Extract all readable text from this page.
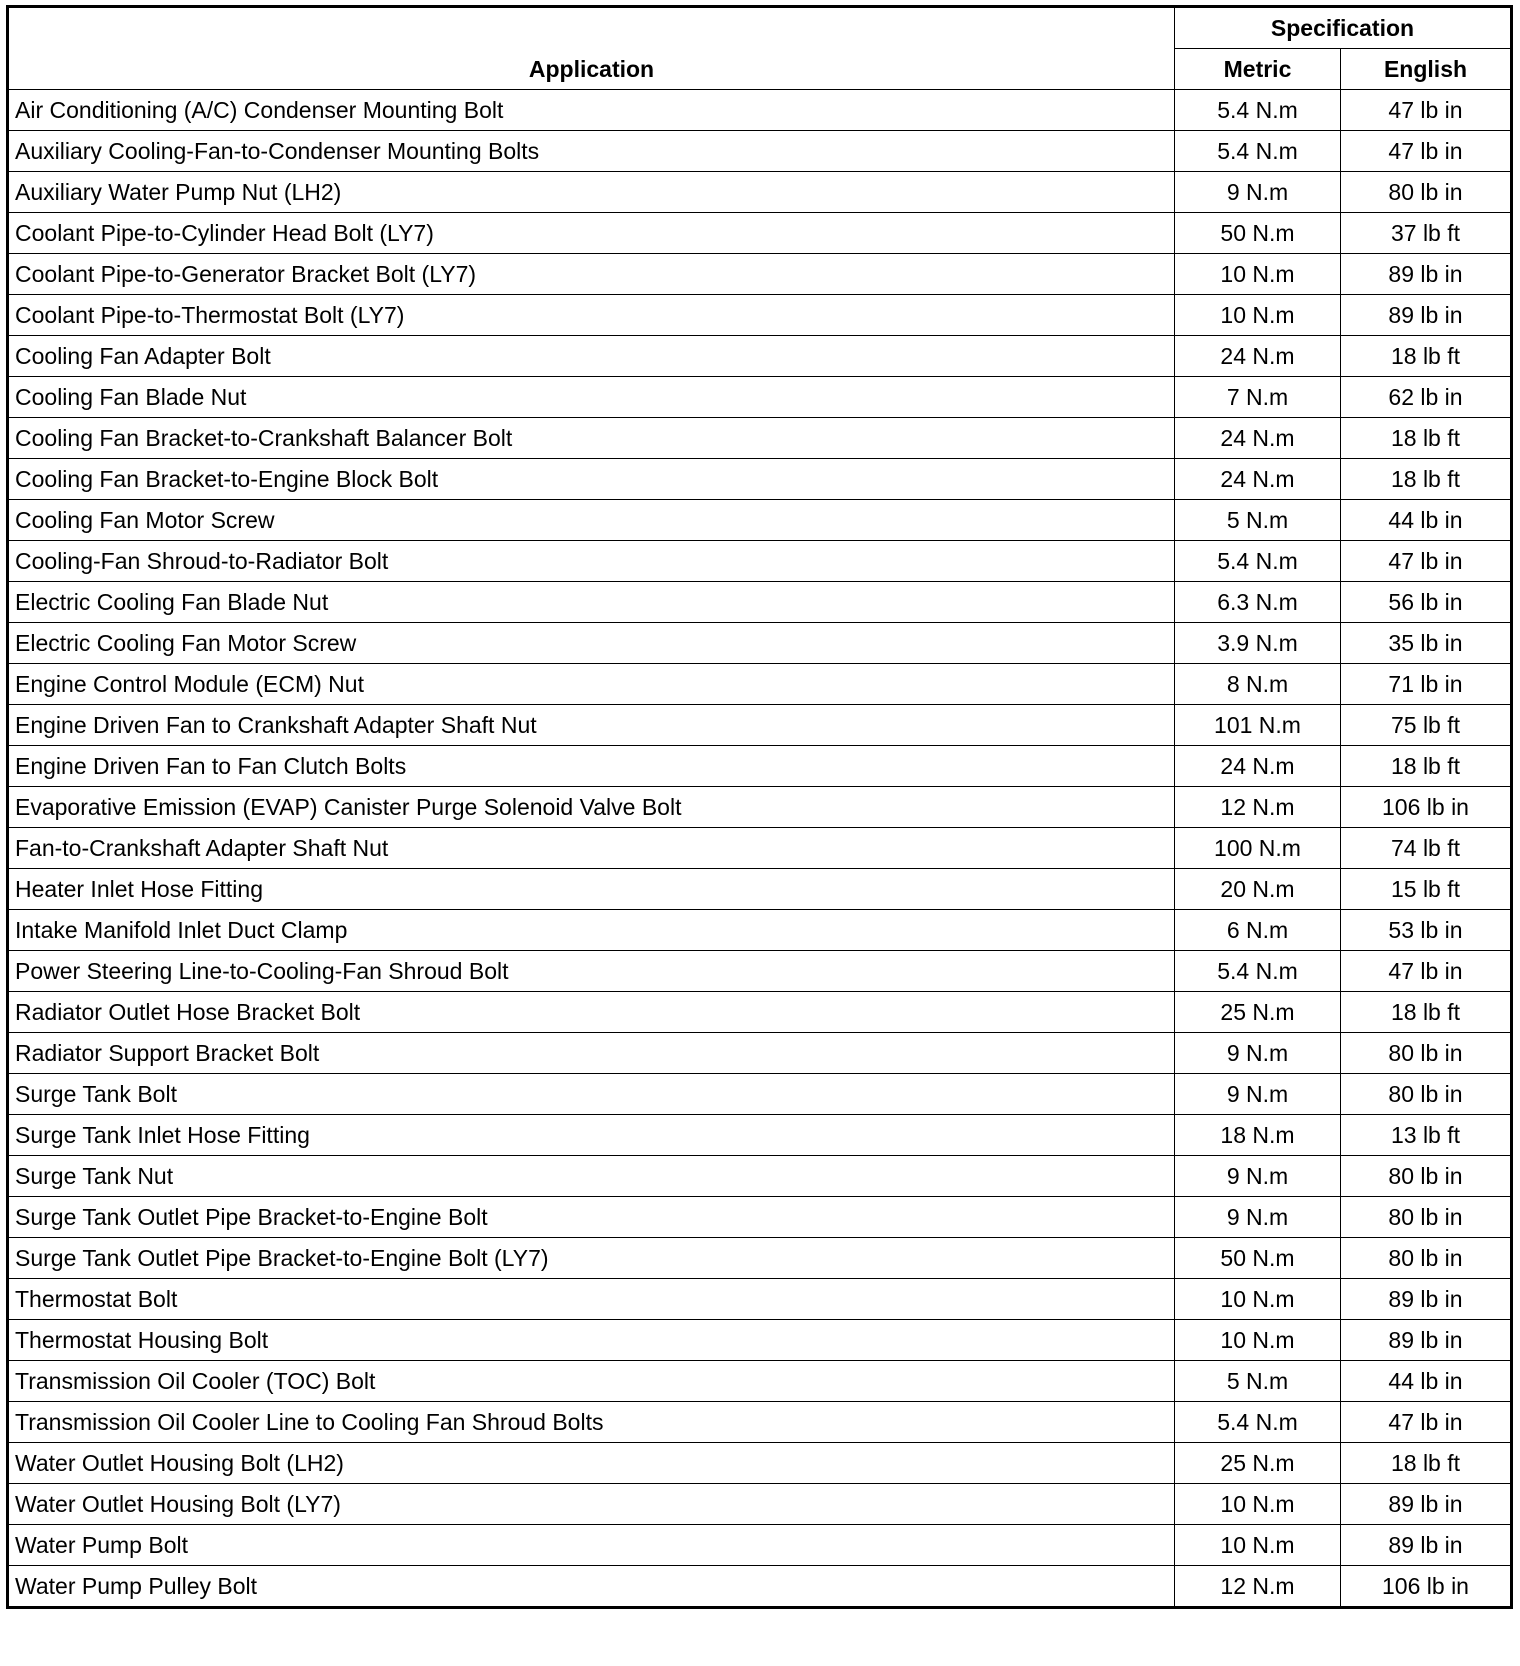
Application	Specification	
	Metric	English
Air Conditioning (A/C) Condenser Mounting Bolt	5.4 N.m	47 lb in
Auxiliary Cooling-Fan-to-Condenser Mounting Bolts	5.4 N.m	47 lb in
Auxiliary Water Pump Nut (LH2)	9 N.m	80 lb in
Coolant Pipe-to-Cylinder Head Bolt (LY7)	50 N.m	37 lb ft
Coolant Pipe-to-Generator Bracket Bolt (LY7)	10 N.m	89 lb in
Coolant Pipe-to-Thermostat Bolt (LY7)	10 N.m	89 lb in
Cooling Fan Adapter Bolt	24 N.m	18 lb ft
Cooling Fan Blade Nut	7 N.m	62 lb in
Cooling Fan Bracket-to-Crankshaft Balancer Bolt	24 N.m	18 lb ft
Cooling Fan Bracket-to-Engine Block Bolt	24 N.m	18 lb ft
Cooling Fan Motor Screw	5 N.m	44 lb in
Cooling-Fan Shroud-to-Radiator Bolt	5.4 N.m	47 lb in
Electric Cooling Fan Blade Nut	6.3 N.m	56 lb in
Electric Cooling Fan Motor Screw	3.9 N.m	35 lb in
Engine Control Module (ECM) Nut	8 N.m	71 lb in
Engine Driven Fan to Crankshaft Adapter Shaft Nut	101 N.m	75 lb ft
Engine Driven Fan to Fan Clutch Bolts	24 N.m	18 lb ft
Evaporative Emission (EVAP) Canister Purge Solenoid Valve Bolt	12 N.m	106 lb in
Fan-to-Crankshaft Adapter Shaft Nut	100 N.m	74 lb ft
Heater Inlet Hose Fitting	20 N.m	15 lb ft
Intake Manifold Inlet Duct Clamp	6 N.m	53 lb in
Power Steering Line-to-Cooling-Fan Shroud Bolt	5.4 N.m	47 lb in
Radiator Outlet Hose Bracket Bolt	25 N.m	18 lb ft
Radiator Support Bracket Bolt	9 N.m	80 lb in
Surge Tank Bolt	9 N.m	80 lb in
Surge Tank Inlet Hose Fitting	18 N.m	13 lb ft
Surge Tank Nut	9 N.m	80 lb in
Surge Tank Outlet Pipe Bracket-to-Engine Bolt	9 N.m	80 lb in
Surge Tank Outlet Pipe Bracket-to-Engine Bolt (LY7)	50 N.m	80 lb in
Thermostat Bolt	10 N.m	89 lb in
Thermostat Housing Bolt	10 N.m	89 lb in
Transmission Oil Cooler (TOC) Bolt	5 N.m	44 lb in
Transmission Oil Cooler Line to Cooling Fan Shroud Bolts	5.4 N.m	47 lb in
Water Outlet Housing Bolt (LH2)	25 N.m	18 lb ft
Water Outlet Housing Bolt (LY7)	10 N.m	89 lb in
Water Pump Bolt	10 N.m	89 lb in
Water Pump Pulley Bolt	12 N.m	106 lb in
